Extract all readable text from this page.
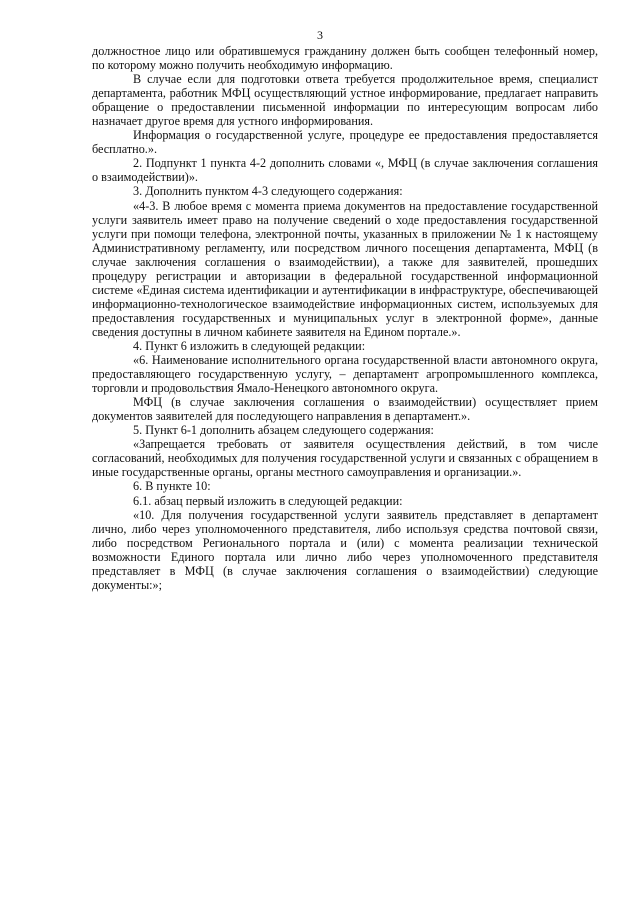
3

должностное лицо или обратившемуся гражданину должен быть сообщен телефонный номер, по которому можно получить необходимую информацию.

В случае если для подготовки ответа требуется продолжительное время, специалист департамента, работник МФЦ осуществляющий устное информирование, предлагает направить обращение о предоставлении письменной информации по интересующим вопросам либо назначает другое время для устного информирования.

Информация о государственной услуге, процедуре ее предоставления предоставляется бесплатно.».

2. Подпункт 1 пункта 4-2 дополнить словами «, МФЦ (в случае заключения соглашения о взаимодействии)».

3. Дополнить пунктом 4-3 следующего содержания:

«4-3. В любое время с момента приема документов на предоставление государственной услуги заявитель имеет право на получение сведений о ходе предоставления государственной услуги при помощи телефона, электронной почты, указанных в приложении № 1 к настоящему Административному регламенту, или посредством личного посещения департамента, МФЦ (в случае заключения соглашения о взаимодействии), а также для заявителей, прошедших процедуру регистрации и авторизации в федеральной государственной информационной системе «Единая система идентификации и аутентификации в инфраструктуре, обеспечивающей информационно-технологическое взаимодействие информационных систем, используемых для предоставления государственных и муниципальных услуг в электронной форме», данные сведения доступны в личном кабинете заявителя на Едином портале.».

4. Пункт 6 изложить в следующей редакции:

«6. Наименование исполнительного органа государственной власти автономного округа, предоставляющего государственную услугу, – департамент агропромышленного комплекса, торговли и продовольствия Ямало-Ненецкого автономного округа.

МФЦ (в случае заключения соглашения о взаимодействии) осуществляет прием документов заявителей для последующего направления в департамент.».

5. Пункт 6-1 дополнить абзацем следующего содержания:

«Запрещается требовать от заявителя осуществления действий, в том числе согласований, необходимых для получения государственной услуги и связанных с обращением в иные государственные органы, органы местного самоуправления и организации.».

6. В пункте 10:

6.1. абзац первый изложить в следующей редакции:

«10. Для получения государственной услуги заявитель представляет в департамент лично, либо через уполномоченного представителя, либо используя средства почтовой связи, либо посредством Регионального портала и (или) с момента реализации технической возможности Единого портала или лично либо через уполномоченного представителя представляет в МФЦ (в случае заключения соглашения о взаимодействии) следующие документы:»;
